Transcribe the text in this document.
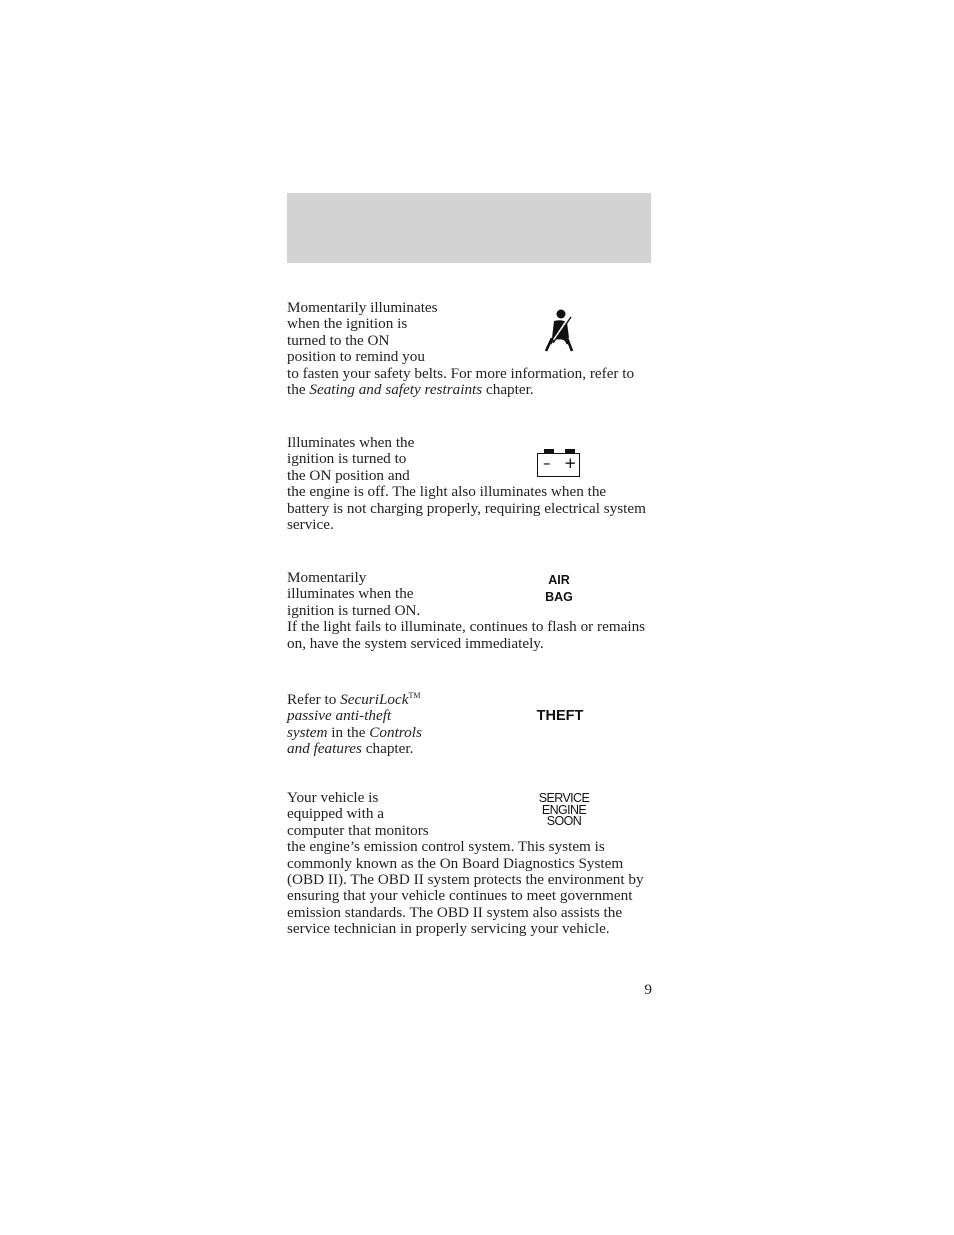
Momentarily illuminates

when the ignition is

turned to the ON

position to remind you

to fasten your safety belts. For more information, refer to the Seating and safety restraints chapter.

Illuminates when the

ignition is turned to

the ON position and

the engine is off. The light also illuminates when the battery is not charging properly, requiring electrical system service.

– +

Momentarily

illuminates when the

ignition is turned ON.

If the light fails to illuminate, continues to flash or remains on, have the system serviced immediately.

AIR
BAG

Refer to SecuriLock™

passive anti-theft

system in the Controls

and features chapter.

THEFT

Your vehicle is

equipped with a

computer that monitors

the engine’s emission control system. This system is commonly known as the On Board Diagnostics System (OBD II). The OBD II system protects the environment by ensuring that your vehicle continues to meet government emission standards. The OBD II system also assists the service technician in properly servicing your vehicle.

SERVICE
ENGINE
SOON
9
